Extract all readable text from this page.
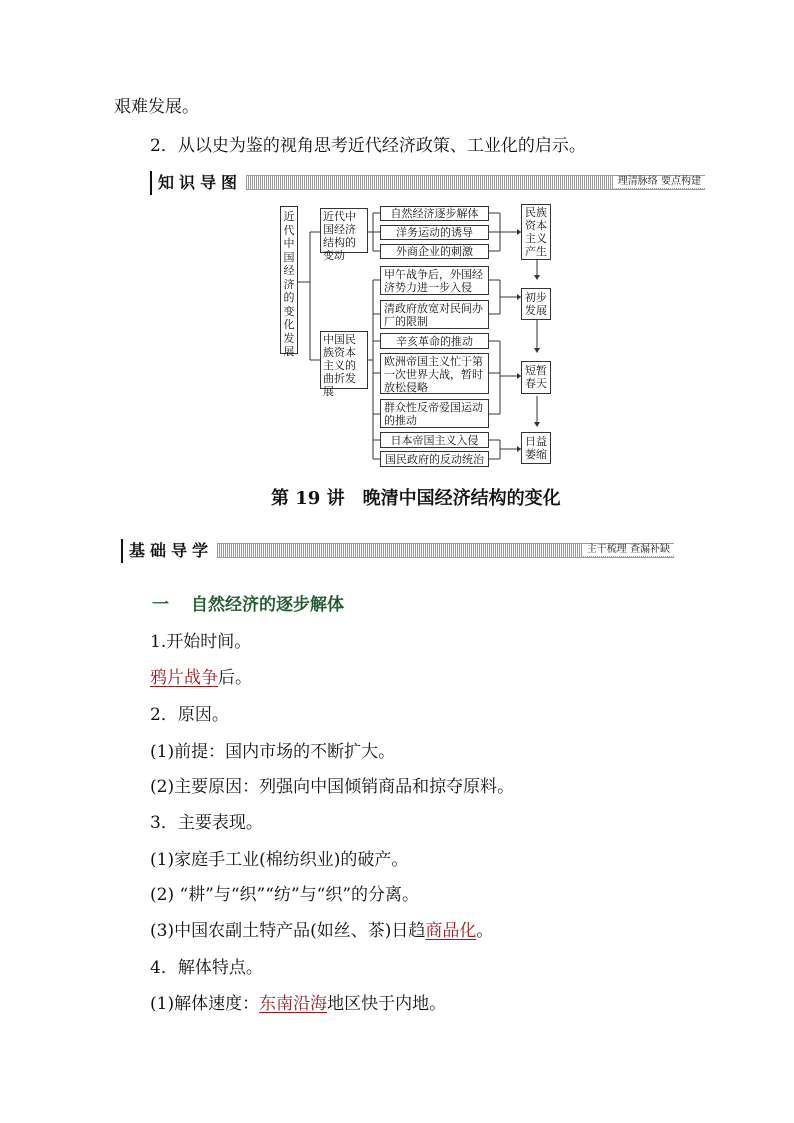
艰难发展。
2．从以史为鉴的视角思考近代经济政策、工业化的启示。
知识导图	理清脉络 要点构建
近代中国经济的变化发展
近代中国经济结构的变动
中国民族资本主义的曲折发展
自然经济逐步解体
洋务运动的诱导
外商企业的刺激
甲午战争后，外国经济势力进一步入侵
清政府放宽对民间办厂的限制
辛亥革命的推动
欧洲帝国主义忙于第一次世界大战，暂时放松侵略
群众性反帝爱国运动的推动
日本帝国主义入侵
国民政府的反动统治
民族资本主义产生
初步发展
短暂春天
日益萎缩
第 19 讲　晚清中国经济结构的变化
基础导学	主干梳理 查漏补缺
一 自然经济的逐步解体
1.开始时间。
鸦片战争后。
2．原因。
(1)前提：国内市场的不断扩大。
(2)主要原因：列强向中国倾销商品和掠夺原料。
3．主要表现。
(1)家庭手工业(棉纺织业)的破产。
(2) “耕”与“织”“纺”与“织”的分离。
(3)中国农副土特产品(如丝、茶)日趋商品化。
4．解体特点。
(1)解体速度：东南沿海地区快于内地。
